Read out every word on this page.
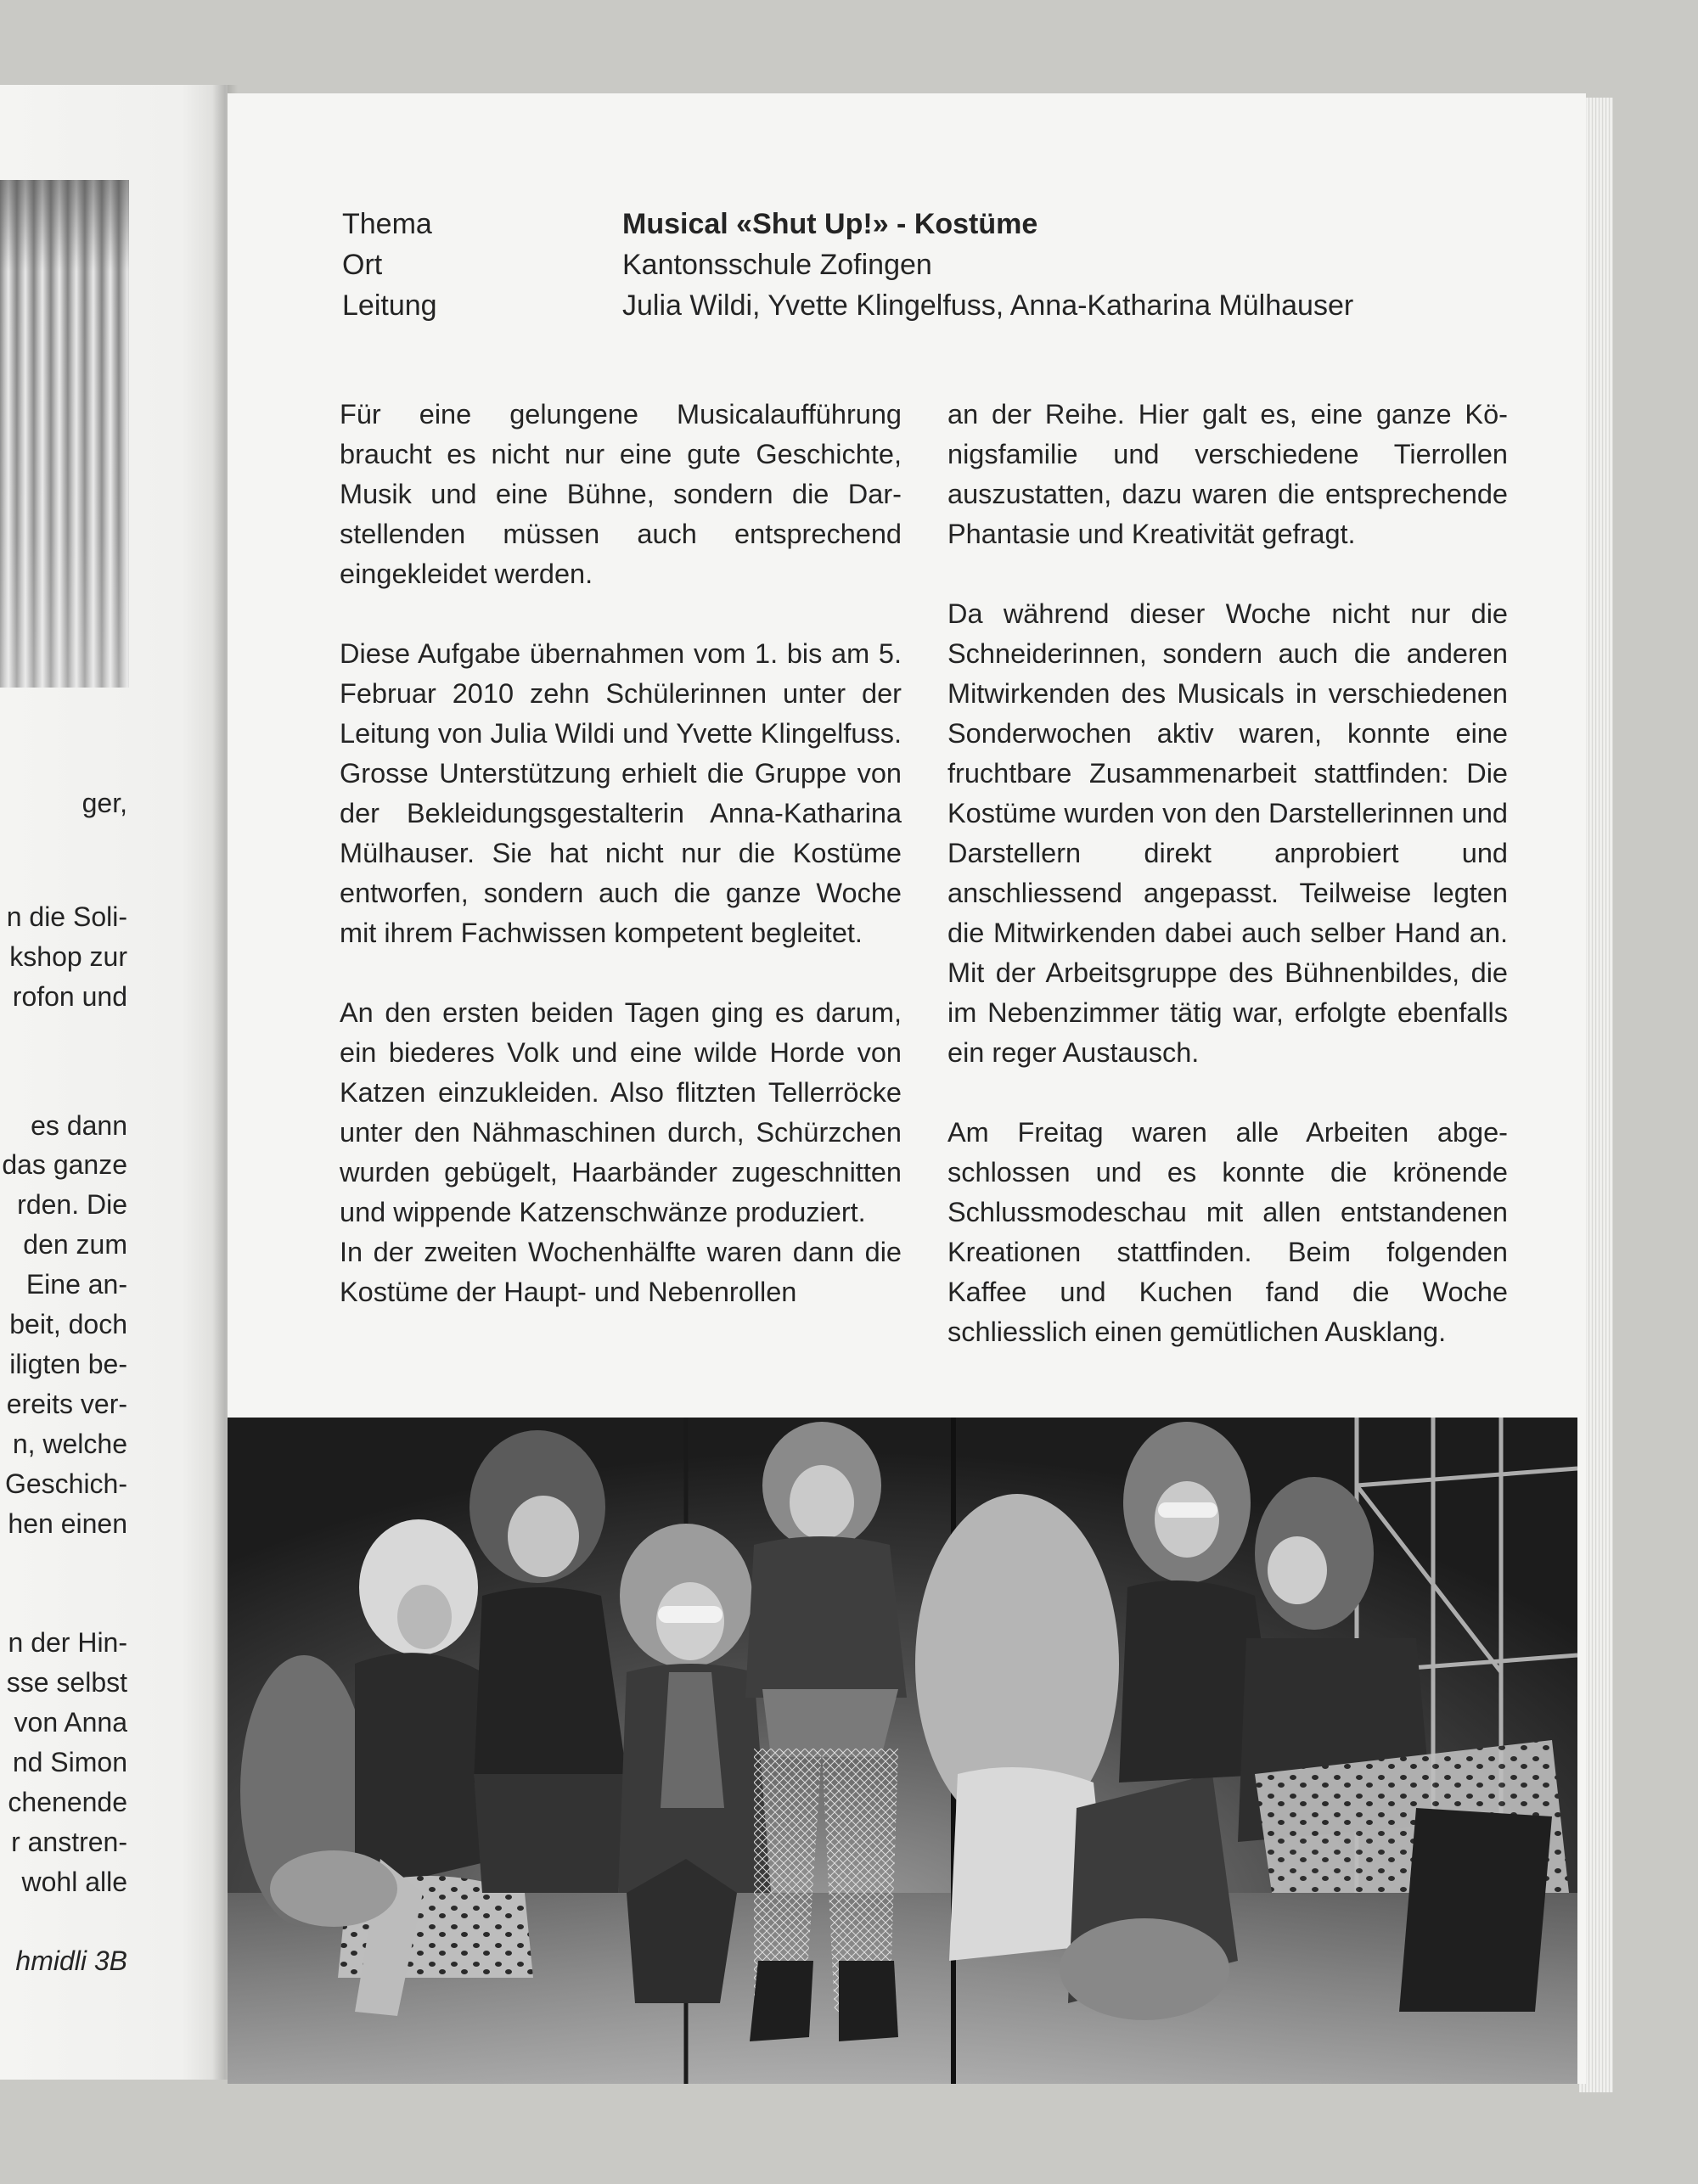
ger,
n die Soli-
kshop zur
rofon und
es dann
das ganze
rden. Die
den zum
Eine an-
beit, doch
iligten be-
ereits ver-
n, welche
Geschich-
hen einen
n der Hin-
sse selbst
von Anna
nd Simon
chenende
r anstren-
wohl alle
hmidli 3B
Thema	Musical «Shut Up!» - Kostüme
Ort	Kantonsschule Zofingen
Leitung	Julia Wildi, Yvette Klingelfuss, Anna-Katharina Mülhauser

Für eine gelungene Musicalaufführung braucht es nicht nur eine gute Geschichte, Musik und eine Bühne, sondern die Darstellenden müssen auch entsprechend eingekleidet werden.

Diese Aufgabe übernahmen vom 1. bis am 5. Februar 2010 zehn Schülerinnen unter der Leitung von Julia Wildi und Yvette Klingelfuss. Grosse Unterstützung erhielt die Gruppe von der Bekleidungsgestalterin Anna-Katharina Mülhauser. Sie hat nicht nur die Kostüme entworfen, sondern auch die ganze Woche mit ihrem Fachwissen kompetent begleitet.

An den ersten beiden Tagen ging es darum, ein biederes Volk und eine wilde Horde von Katzen einzukleiden. Also flitzten Tellerröcke unter den Nähmaschinen durch, Schürzchen wurden gebügelt, Haarbänder zugeschnitten und wippende Katzenschwänze produziert.

In der zweiten Wochenhälfte waren dann die Kostüme der Haupt- und Nebenrollen

an der Reihe. Hier galt es, eine ganze Königsfamilie und verschiedene Tierrollen auszustatten, dazu waren die entsprechende Phantasie und Kreativität gefragt.

Da während dieser Woche nicht nur die Schneiderinnen, sondern auch die anderen Mitwirkenden des Musicals in verschiedenen Sonderwochen aktiv waren, konnte eine fruchtbare Zusammenarbeit stattfinden: Die Kostüme wurden von den Darstellerinnen und Darstellern direkt anprobiert und anschliessend angepasst. Teilweise legten die Mitwirkenden dabei auch selber Hand an. Mit der Arbeitsgruppe des Bühnenbildes, die im Nebenzimmer tätig war, erfolgte ebenfalls ein reger Austausch.

Am Freitag waren alle Arbeiten abgeschlossen und es konnte die krönende Schlussmodeschau mit allen entstandenen Kreationen stattfinden. Beim folgenden Kaffee und Kuchen fand die Woche schliesslich einen gemütlichen Ausklang.
